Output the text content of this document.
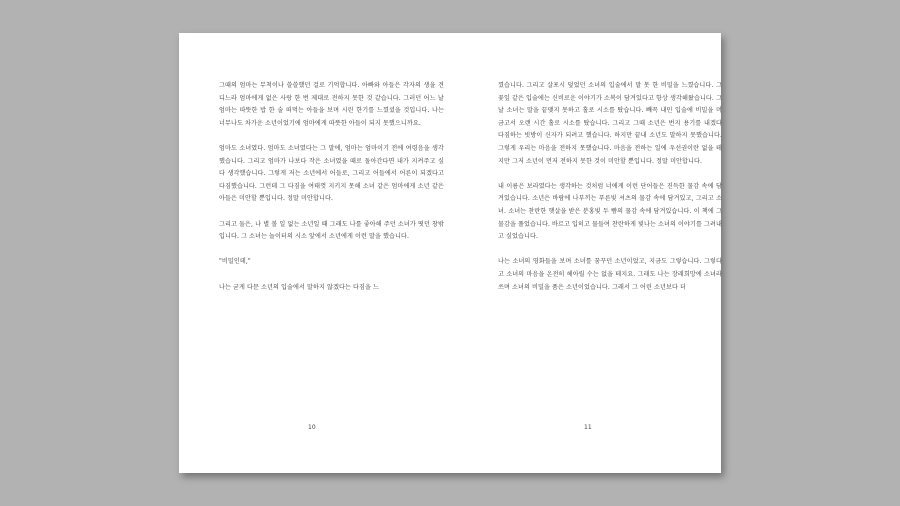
그때의 엄마는 무척이나 쓸쓸했던 걸로 기억합니다. 아빠와 아들은 각자의 생을 견디느라 엄마에게 없은 사랑 한 번 제대로 전하지 못한 것 같습니다. 그러던 어느 날 엄마는 따뜻한 밥 한 술 떠먹는 아들을 보며 시린 한기를 느꼈셨을 것입니다. 나는 너무나도 차가운 소년이었기에 엄마에게 따뜻한 아들이 되지 못했으니까요.

엄마도 소녀였다. 엄마도 소녀였다는 그 말에, 엄마는 엄마이기 전에 여령음을 생각했습니다. 그리고 엄마가 나보다 작은 소녀였을 때로 돌아간다면 내가 지켜주고 싶다 생각했습니다. 그렇게 저는 소년에서 어들로, 그리고 어들에서 어른이 되겠다고 다짐했습니다. 그런데 그 다짐을 여태껏 지키지 못해 소녀 같은 엄마에게 소년 같은 아들은 미안할 뿐입니다. 정말 미안합니다.

그리고 둘은, 나 별 볼 일 없는 소년일 때 그래도 나를 좋아해 주던 소녀가 떳던 창밖입니다. 그 소녀는 놀이터의 시소 앞에서 소년에게 이런 말을 했습니다.

"비밀인데,"

나는 굳게 다문 소년의 입술에서 말하지 않겠다는 다짐을 느

10

꼈습니다. 그리고 살포시 덮었던 소녀의 입술에서 말 못 한 비밀을 느꼈습니다. 그 꽃잎 같은 입술에는 신비로운 이야기가 소복이 담겨있다고 항상 생각해왔습니다. 그날 소녀는 말을 끝맺지 못하고 홀로 시소를 탔습니다. 빼꼭 내민 입술에 비밀을 머금고서 오랜 시간 홀로 시소를 탔습니다. 그리고 그때 소년은 번지 용기를 내겠다 다짐하는 빗방이 신자가 되려고 했습니다. 하지만 끝내 소년도 말하지 못했습니다. 그렇게 우리는 마음을 전하지 못했습니다. 마음을 전하는 일에 우선권이란 없을 테지만 그저 소년이 먼저 전하지 못한 것이 미안할 뿐입니다. 정말 미안합니다.

내 이름은 보라였다는 생각하는 것처럼 너에게 이런 단어들은 진득한 물감 속에 담겨있습니다. 소년은 바람에 나부끼는 푸른빛 셔츠의 물감 속에 담겨있고, 그리고 소녀. 소녀는 찬란한 햇살을 받은 분홍빛 두 뺨의 물감 속에 담겨있습니다. 이 책에 그 물감을 풀었습니다. 바르고 입히고 물들여 찬란하게 빛나는 소녀의 이야기를 그려내고 싶었습니다.

나는 소녀의 영화들을 보며 소녀를 꿈꾸던 소년이었고, 지금도 그렇습니다. 그렇다고 소녀의 마음을 온전히 헤아릴 수는 없을 테지요. 그래도 나는 장래희망에 소녀라 쓰며 소녀의 비밀을 품은 소년이었습니다. 그래서 그 어린 소년보다 더

11
